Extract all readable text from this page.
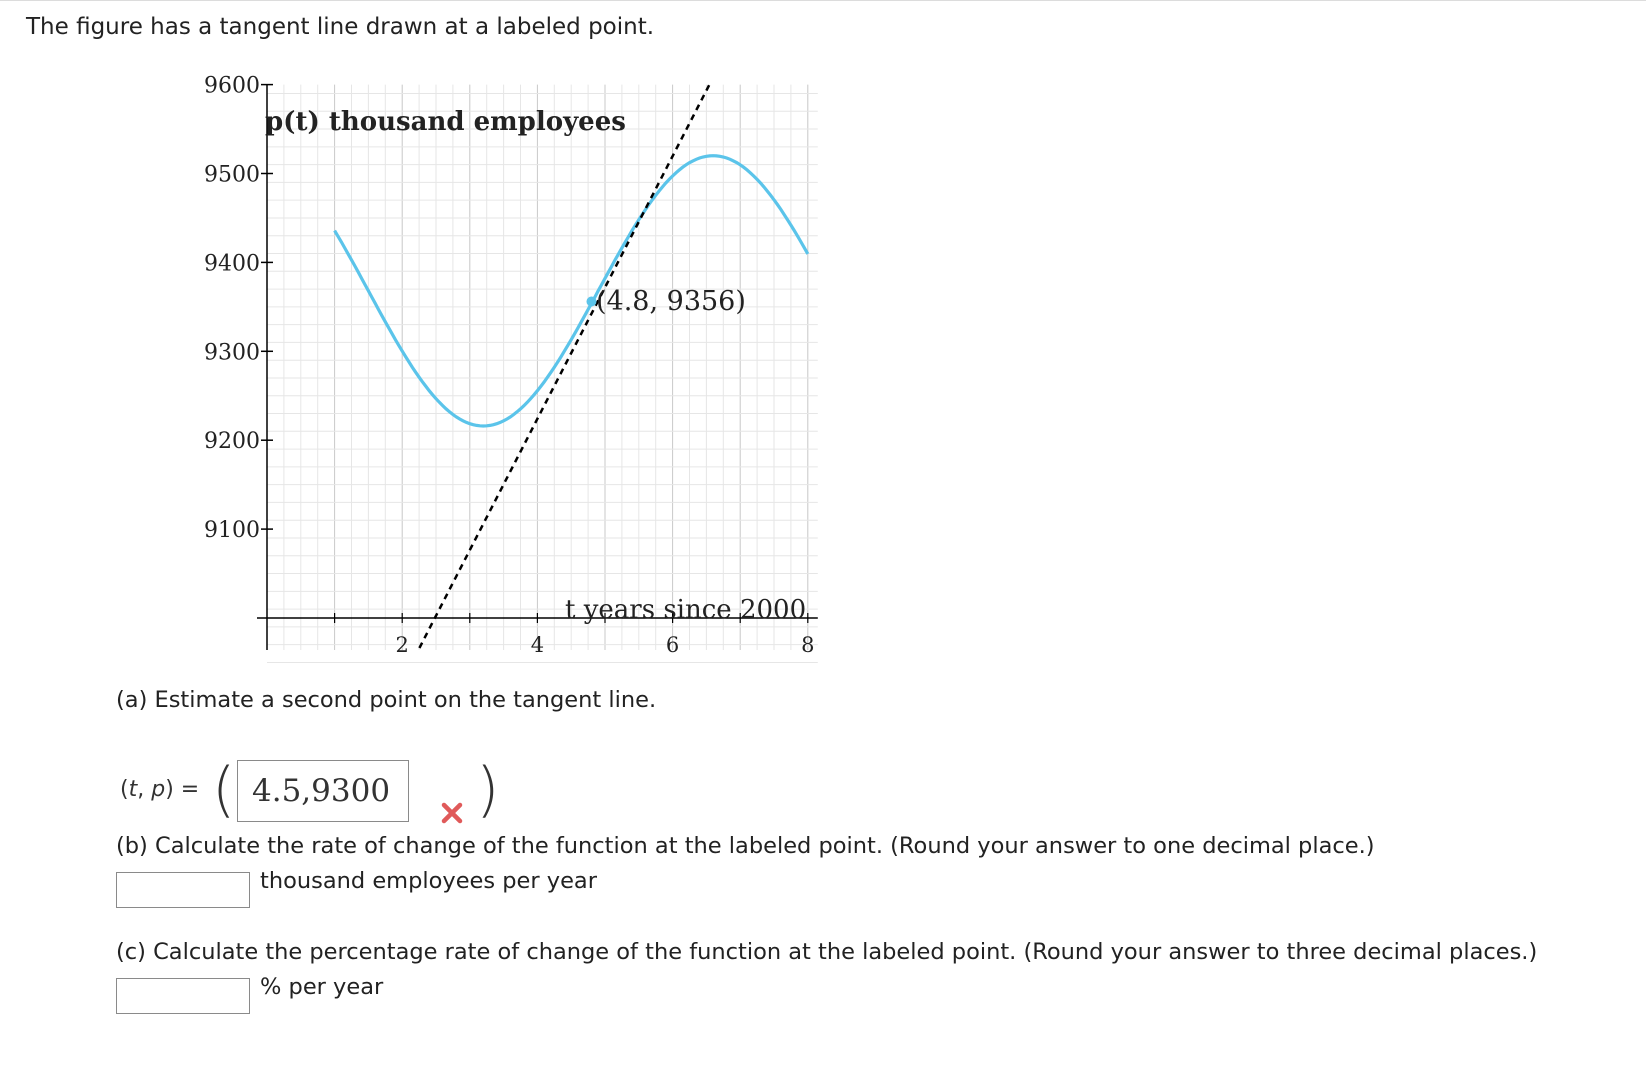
The figure has a tangent line drawn at a labeled point.
9100
9200
9300
9400
9500
9600
2	4	6	8
(4.8, 9356)
p(t) thousand employees
t years since 2000
(a) Estimate a second point on the tangent line.
(t, p) = (
4.5,9300	)
(b) Calculate the rate of change of the function at the labeled point. (Round your answer to one decimal place.)
thousand employees per year
(c) Calculate the percentage rate of change of the function at the labeled point. (Round your answer to three decimal places.)
% per year
